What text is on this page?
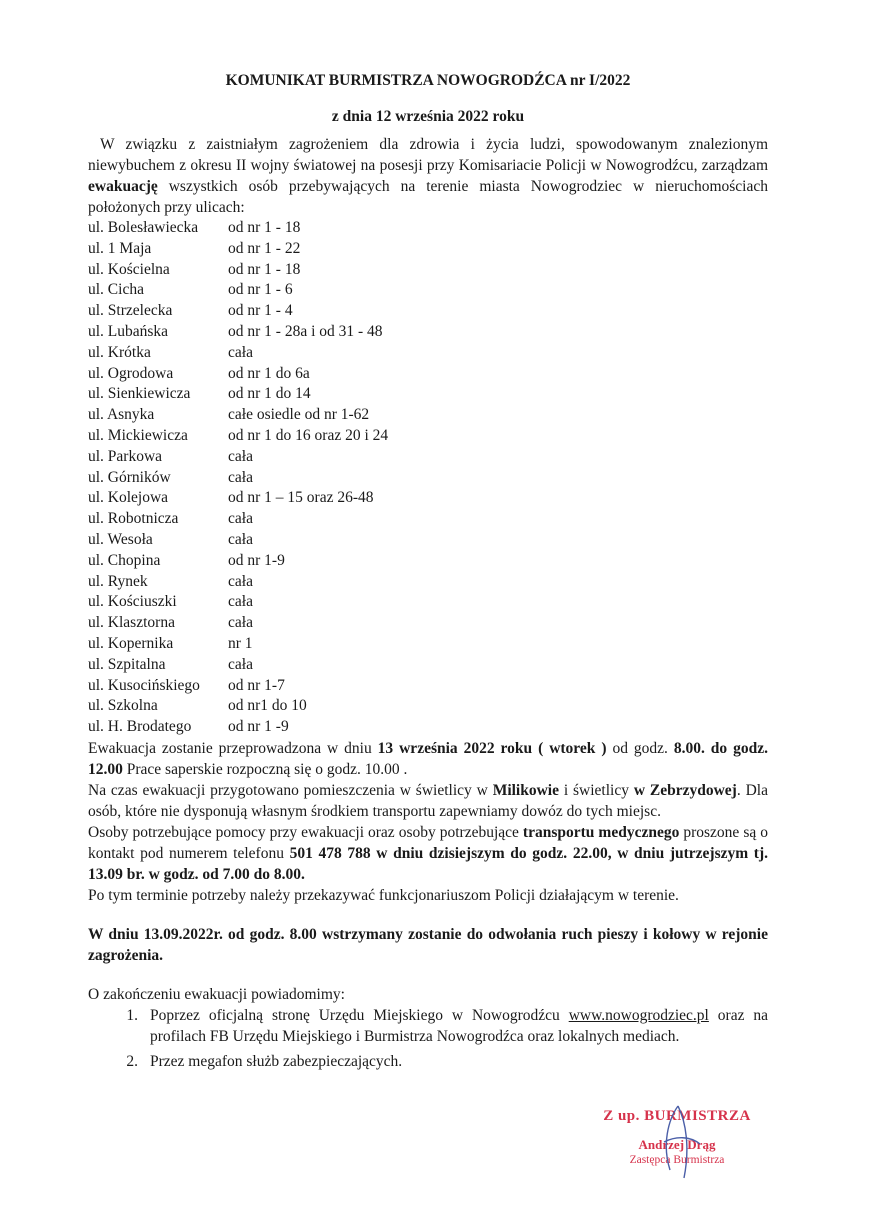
KOMUNIKAT BURMISTRZA NOWOGRODŹCA nr I/2022

z dnia 12 września 2022 roku

W związku z zaistniałym zagrożeniem dla zdrowia i życia ludzi, spowodowanym znalezionym niewybuchem z okresu II wojny światowej na posesji przy Komisariacie Policji w Nowogrodźcu, zarządzam ewakuację wszystkich osób przebywających na terenie miasta Nowogrodziec w nieruchomościach położonych przy ulicach:

ul. Bolesławiecka	od nr 1 - 18
ul. 1 Maja	od nr 1 - 22
ul. Kościelna	od nr 1 - 18
ul. Cicha	od nr 1 - 6
ul. Strzelecka	od nr 1 - 4
ul. Lubańska	od nr 1 - 28a i od 31 - 48
ul. Krótka	cała
ul. Ogrodowa	od nr 1 do 6a
ul. Sienkiewicza	od nr 1 do 14
ul. Asnyka	całe osiedle od nr 1-62
ul. Mickiewicza	od nr 1 do 16 oraz 20 i 24
ul. Parkowa	cała
ul. Górników	cała
ul. Kolejowa	od nr 1 – 15 oraz 26-48
ul. Robotnicza	cała
ul. Wesoła	cała
ul. Chopina	od nr 1-9
ul. Rynek	cała
ul. Kościuszki	cała
ul. Klasztorna	cała
ul. Kopernika	nr 1
ul. Szpitalna	cała
ul. Kusocińskiego	od nr 1-7
ul. Szkolna	od nr1 do 10
ul. H. Brodatego	od nr 1 -9

Ewakuacja zostanie przeprowadzona w dniu 13 września 2022 roku ( wtorek ) od godz. 8.00. do godz. 12.00 Prace saperskie rozpoczną się o godz. 10.00 .

Na czas ewakuacji przygotowano pomieszczenia w świetlicy w Milikowie i świetlicy w Zebrzydowej. Dla osób, które nie dysponują własnym środkiem transportu zapewniamy dowóz do tych miejsc.

Osoby potrzebujące pomocy przy ewakuacji oraz osoby potrzebujące transportu medycznego proszone są o kontakt pod numerem telefonu 501 478 788 w dniu dzisiejszym do godz. 22.00, w dniu jutrzejszym tj. 13.09 br. w godz. od 7.00 do 8.00.

Po tym terminie potrzeby należy przekazywać funkcjonariuszom Policji działającym w terenie.

W dniu 13.09.2022r. od godz. 8.00 wstrzymany zostanie do odwołania ruch pieszy i kołowy w rejonie zagrożenia.

O zakończeniu ewakuacji powiadomimy:

1. Poprzez oficjalną stronę Urzędu Miejskiego w Nowogrodźcu www.nowogrodziec.pl oraz na profilach FB Urzędu Miejskiego i Burmistrza Nowogrodźca oraz lokalnych mediach.
2. Przez megafon służb zabezpieczających.
Z up. BURMISTRZA
Andrzej Drąg
Zastępca Burmistrza
